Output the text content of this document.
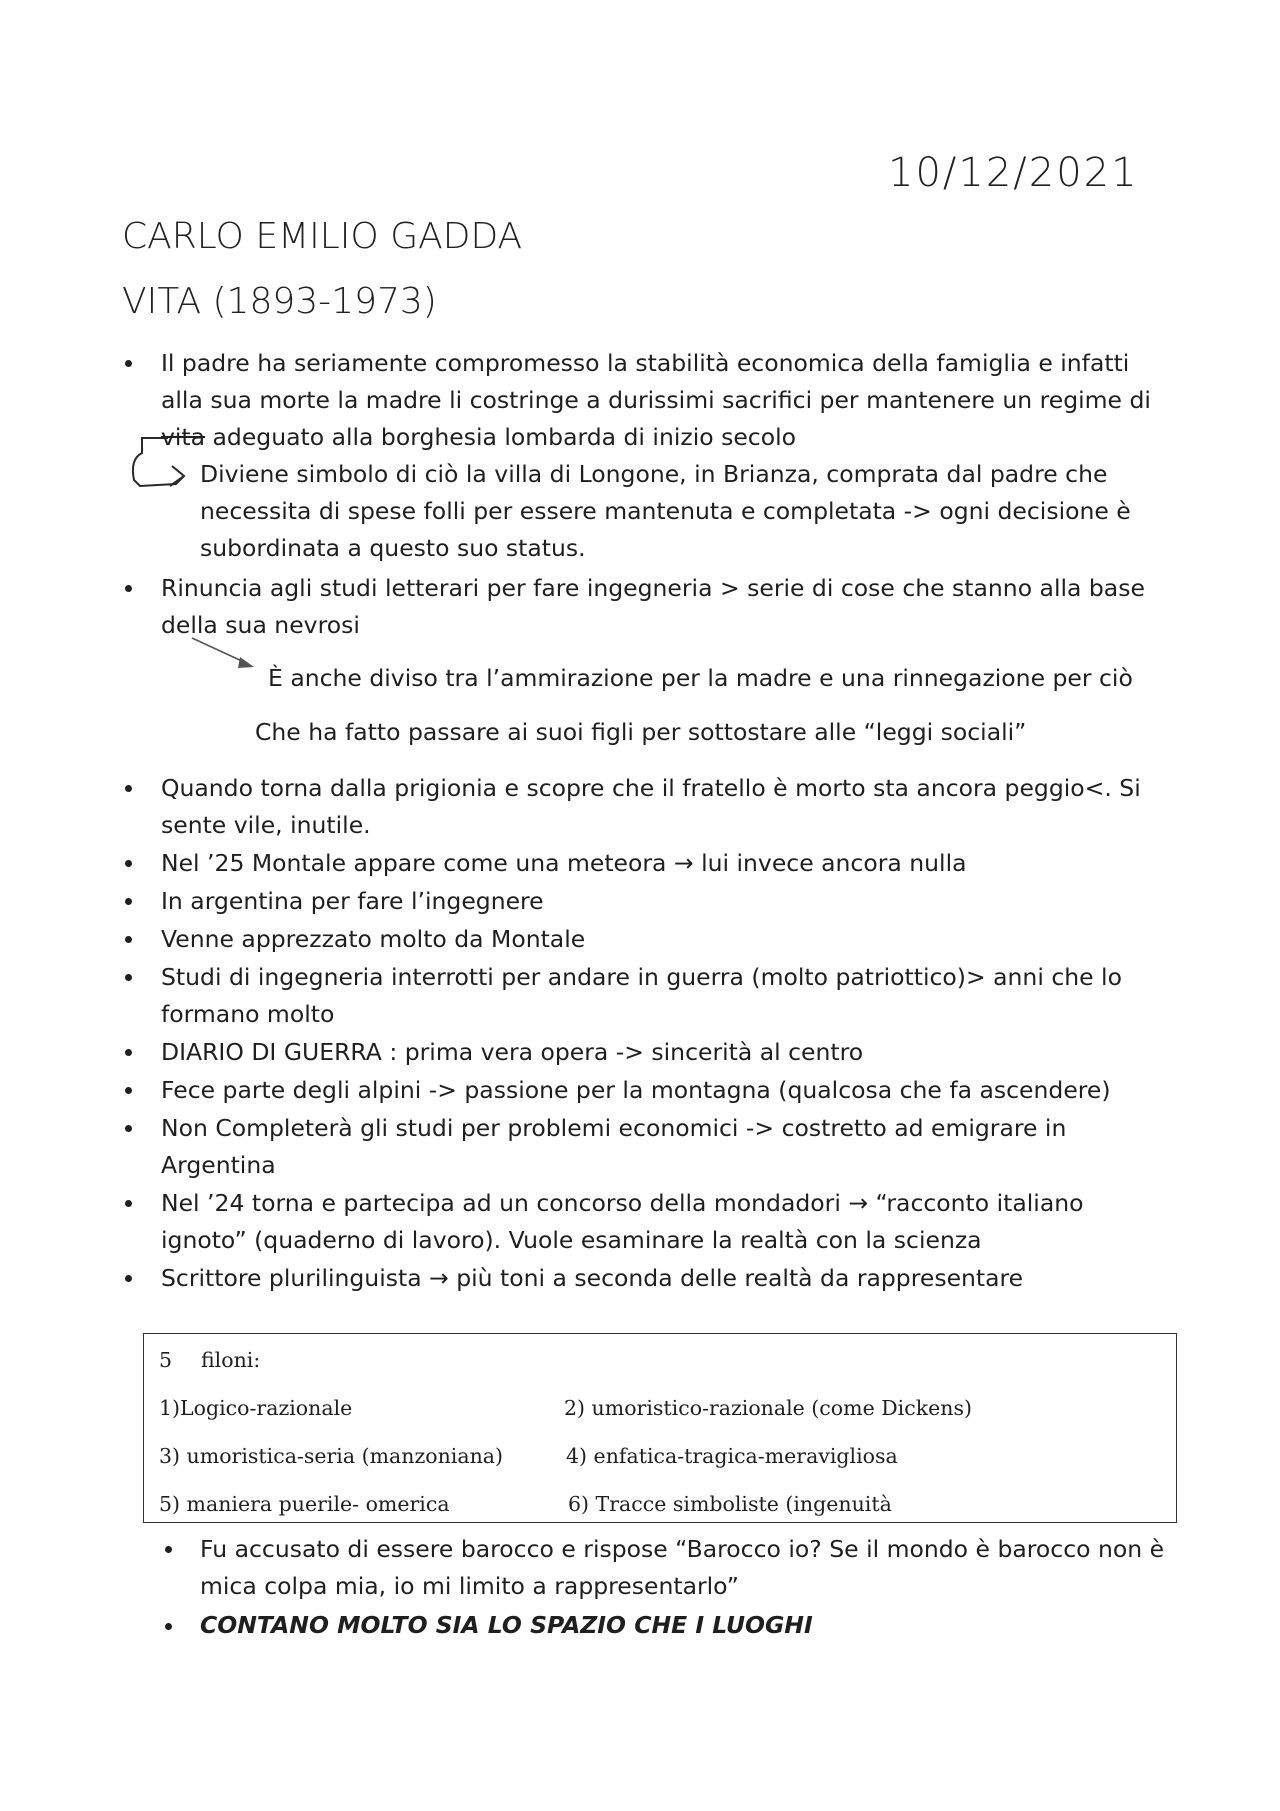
10/12/2021
CARLO EMILIO GADDA
VITA (1893-1973)
Il padre ha seriamente compromesso la stabilità economica della famiglia e infatti
alla sua morte la madre li costringe a durissimi sacrifici per mantenere un regime di
vita adeguato alla borghesia lombarda di inizio secolo
Diviene simbolo di ciò la villa di Longone, in Brianza, comprata dal padre che
necessita di spese folli per essere mantenuta e completata -> ogni decisione è
subordinata a questo suo status.
Rinuncia agli studi letterari per fare ingegneria > serie di cose che stanno alla base
della sua nevrosi
È anche diviso tra l’ammirazione per la madre e una rinnegazione per ciò
Che ha fatto passare ai suoi figli per sottostare alle “leggi sociali”
Quando torna dalla prigionia e scopre che il fratello è morto sta ancora peggio<. Si
sente vile, inutile.
Nel ’25 Montale appare come una meteora → lui invece ancora nulla
In argentina per fare l’ingegnere
Venne apprezzato molto da Montale
Studi di ingegneria interrotti per andare in guerra (molto patriottico)> anni che lo
formano molto
DIARIO DI GUERRA : prima vera opera -> sincerità al centro
Fece parte degli alpini -> passione per la montagna (qualcosa che fa ascendere)
Non Completerà gli studi per problemi economici -> costretto ad emigrare in
Argentina
Nel ’24 torna e partecipa ad un concorso della mondadori → “racconto italiano
ignoto” (quaderno di lavoro). Vuole esaminare la realtà con la scienza
Scrittore plurilinguista → più toni a seconda delle realtà da rappresentare
5 filoni:
1)Logico-razionale	2) umoristico-razionale (come Dickens)
3) umoristica-seria (manzoniana)	4) enfatica-tragica-meravigliosa
5) maniera puerile- omerica	6) Tracce simboliste (ingenuità
Fu accusato di essere barocco e rispose “Barocco io? Se il mondo è barocco non è
mica colpa mia, io mi limito a rappresentarlo”
CONTANO MOLTO SIA LO SPAZIO CHE I LUOGHI
